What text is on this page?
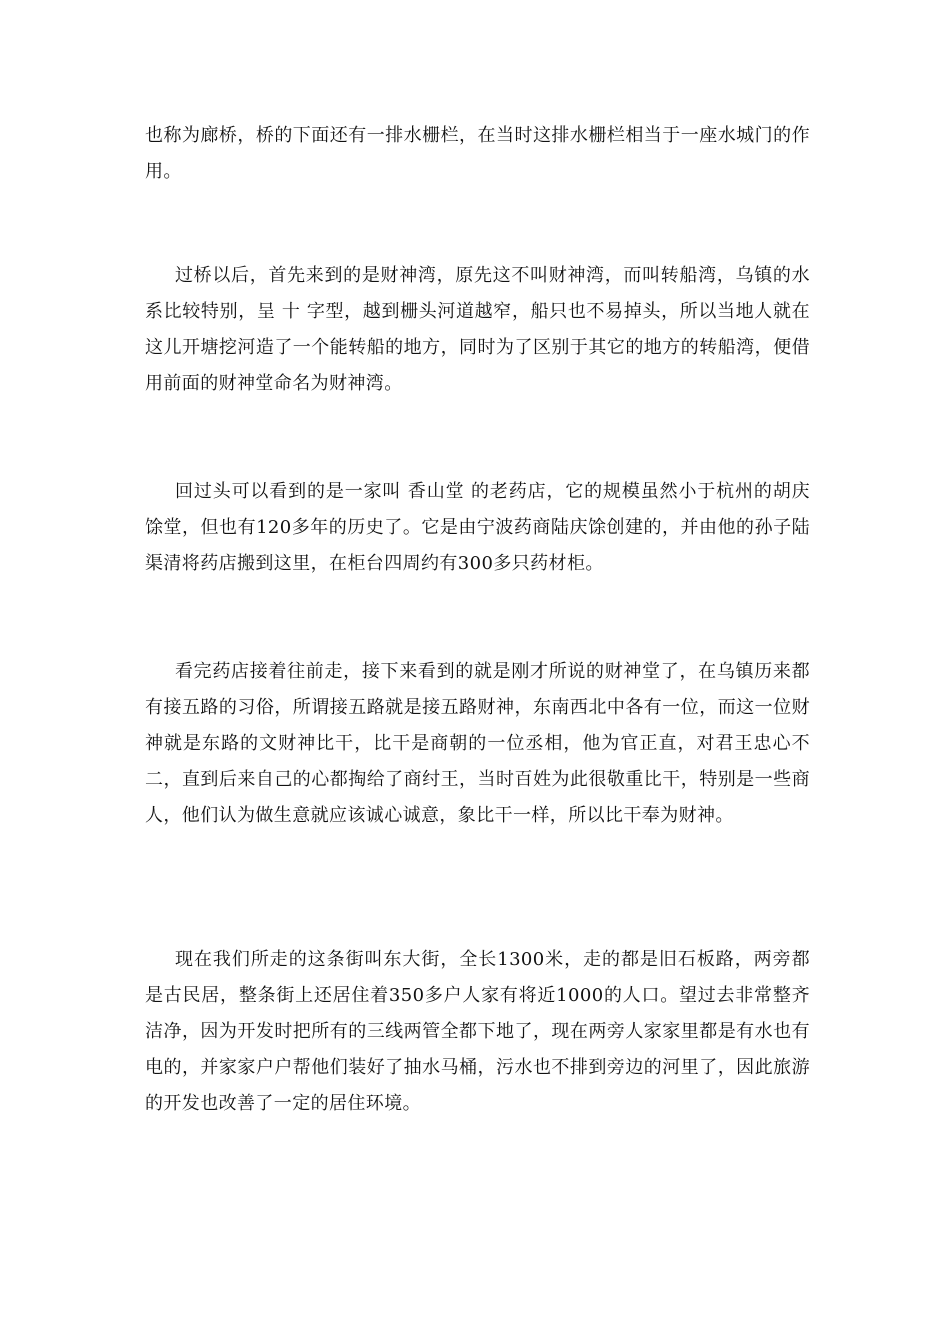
也称为廊桥，桥的下面还有一排水栅栏，在当时这排水栅栏相当于一座水城门的作用。

过桥以后，首先来到的是财神湾，原先这不叫财神湾，而叫转船湾，乌镇的水系比较特别，呈 十 字型，越到栅头河道越窄，船只也不易掉头，所以当地人就在这儿开塘挖河造了一个能转船的地方，同时为了区别于其它的地方的转船湾，便借用前面的财神堂命名为财神湾。

回过头可以看到的是一家叫 香山堂 的老药店，它的规模虽然小于杭州的胡庆馀堂，但也有120多年的历史了。它是由宁波药商陆庆馀创建的，并由他的孙子陆渠清将药店搬到这里，在柜台四周约有300多只药材柜。

看完药店接着往前走，接下来看到的就是刚才所说的财神堂了，在乌镇历来都有接五路的习俗，所谓接五路就是接五路财神，东南西北中各有一位，而这一位财神就是东路的文财神比干，比干是商朝的一位丞相，他为官正直，对君王忠心不二，直到后来自己的心都掏给了商纣王，当时百姓为此很敬重比干，特别是一些商人，他们认为做生意就应该诚心诚意，象比干一样，所以比干奉为财神。

现在我们所走的这条街叫东大街，全长1300米，走的都是旧石板路，两旁都是古民居，整条街上还居住着350多户人家有将近1000的人口。望过去非常整齐洁净，因为开发时把所有的三线两管全都下地了，现在两旁人家家里都是有水也有电的，并家家户户帮他们装好了抽水马桶，污水也不排到旁边的河里了，因此旅游的开发也改善了一定的居住环境。
